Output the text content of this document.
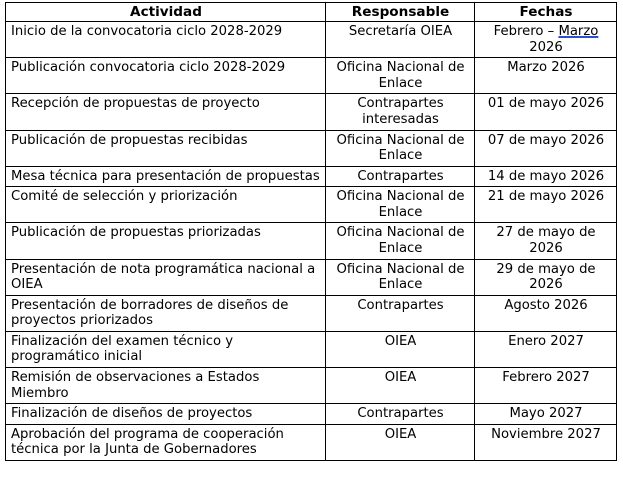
Actividad	Responsable	Fechas
Inicio de la convocatoria ciclo 2028-2029	Secretaría OIEA	Febrero – Marzo 2026
Publicación convocatoria ciclo 2028-2029	Oficina Nacional de Enlace	Marzo 2026
Recepción de propuestas de proyecto	Contrapartes interesadas	01 de mayo 2026
Publicación de propuestas recibidas	Oficina Nacional de Enlace	07 de mayo 2026
Mesa técnica para presentación de propuestas	Contrapartes	14 de mayo 2026
Comité de selección y priorización	Oficina Nacional de Enlace	21 de mayo 2026
Publicación de propuestas priorizadas	Oficina Nacional de Enlace	27 de mayo de 2026
Presentación de nota programática nacional a OIEA	Oficina Nacional de Enlace	29 de mayo de 2026
Presentación de borradores de diseños de proyectos priorizados	Contrapartes	Agosto 2026
Finalización del examen técnico y programático inicial	OIEA	Enero 2027
Remisión de observaciones a Estados Miembro	OIEA	Febrero 2027
Finalización de diseños de proyectos	Contrapartes	Mayo 2027
Aprobación del programa de cooperación técnica por la Junta de Gobernadores	OIEA	Noviembre 2027
